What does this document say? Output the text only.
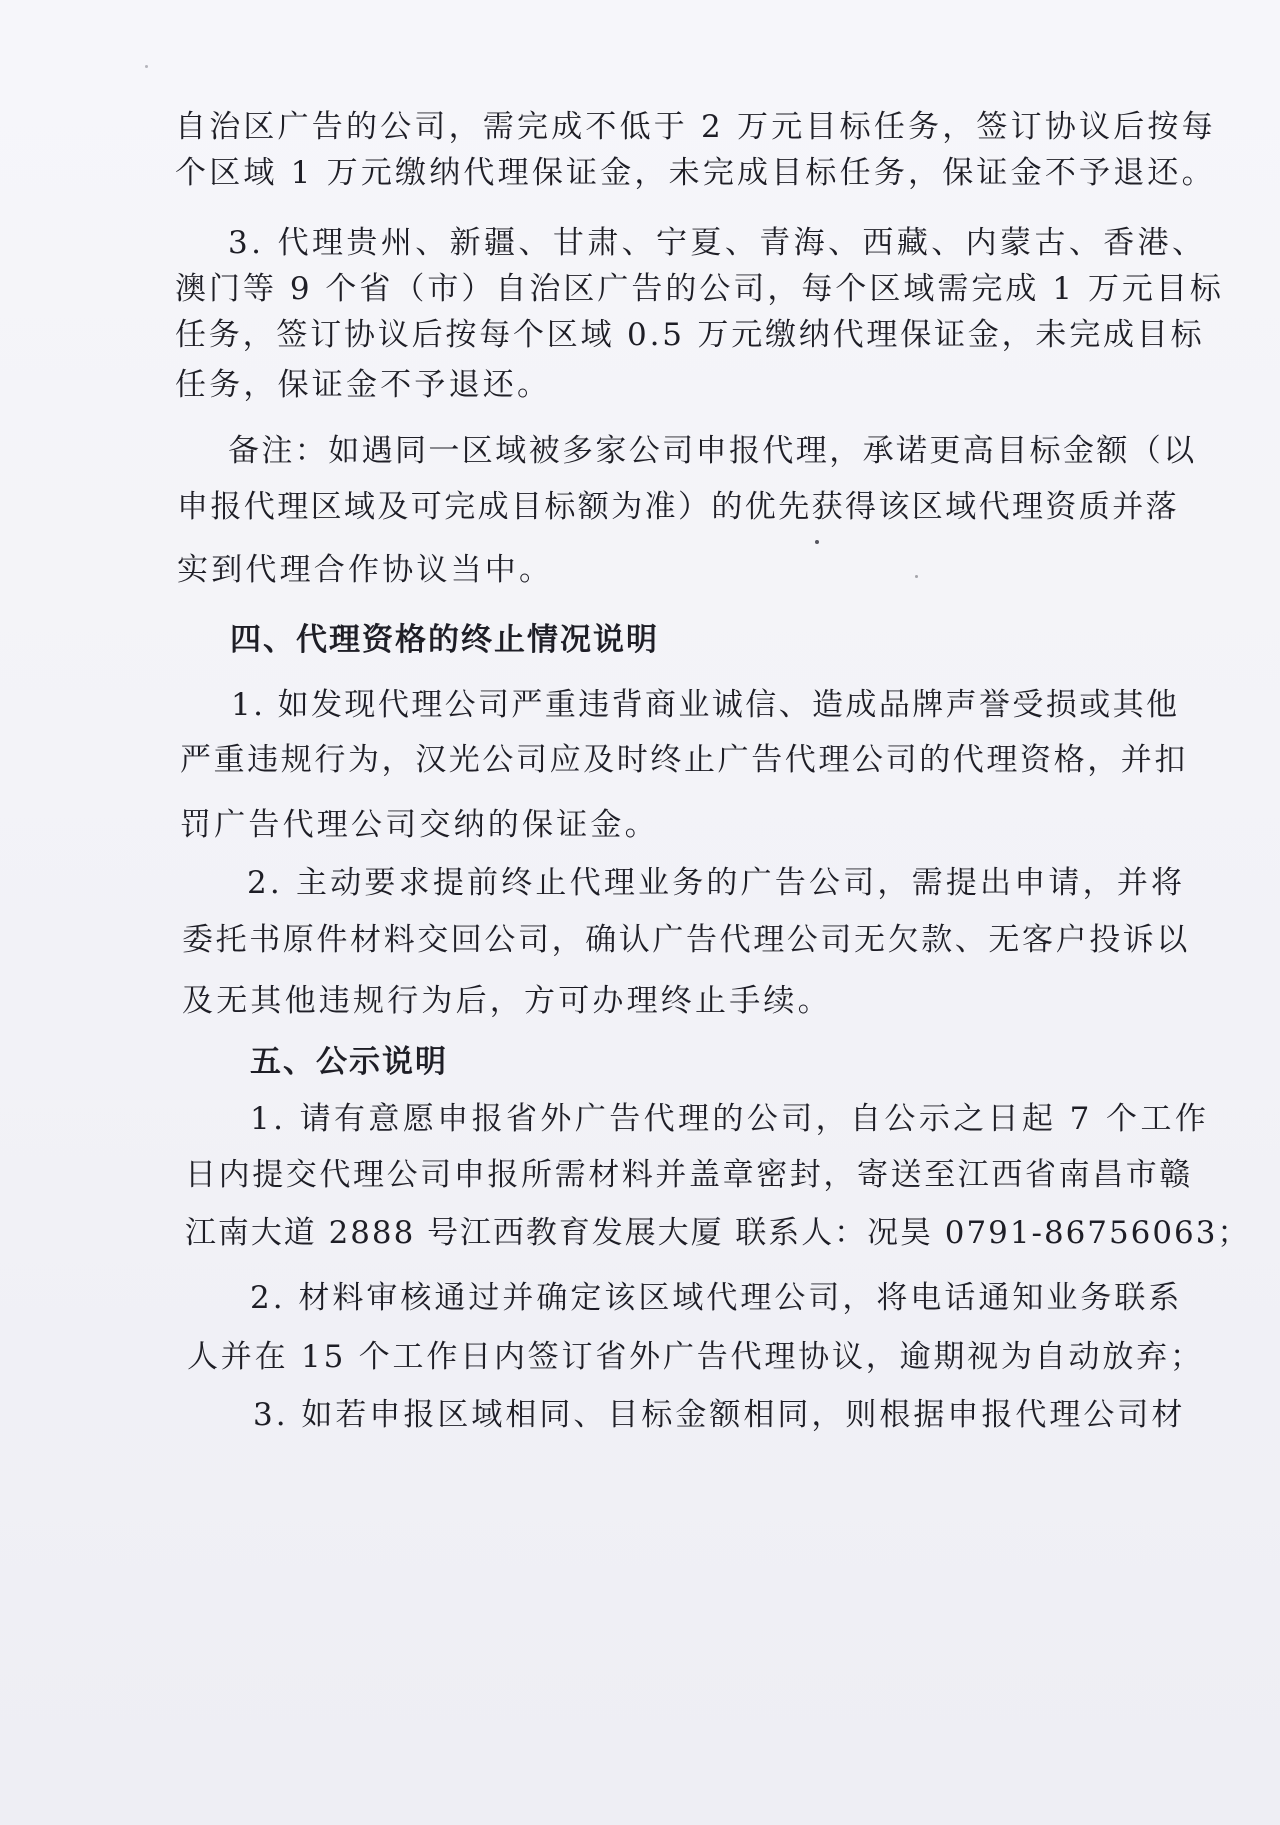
自治区广告的公司，需完成不低于 2 万元目标任务，签订协议后按每
个区域 1 万元缴纳代理保证金，未完成目标任务，保证金不予退还。
3. 代理贵州、新疆、甘肃、宁夏、青海、西藏、内蒙古、香港、
澳门等 9 个省（市）自治区广告的公司，每个区域需完成 1 万元目标
任务，签订协议后按每个区域 0.5 万元缴纳代理保证金，未完成目标
任务，保证金不予退还。
备注：如遇同一区域被多家公司申报代理，承诺更高目标金额（以
申报代理区域及可完成目标额为准）的优先获得该区域代理资质并落
实到代理合作协议当中。
四、代理资格的终止情况说明
1. 如发现代理公司严重违背商业诚信、造成品牌声誉受损或其他
严重违规行为，汉光公司应及时终止广告代理公司的代理资格，并扣
罚广告代理公司交纳的保证金。
2. 主动要求提前终止代理业务的广告公司，需提出申请，并将
委托书原件材料交回公司，确认广告代理公司无欠款、无客户投诉以
及无其他违规行为后，方可办理终止手续。
五、公示说明
1. 请有意愿申报省外广告代理的公司，自公示之日起 7 个工作
日内提交代理公司申报所需材料并盖章密封，寄送至江西省南昌市赣
江南大道 2888 号江西教育发展大厦 联系人：况昊 0791-86756063；
2. 材料审核通过并确定该区域代理公司，将电话通知业务联系
人并在 15 个工作日内签订省外广告代理协议，逾期视为自动放弃；
3. 如若申报区域相同、目标金额相同，则根据申报代理公司材
